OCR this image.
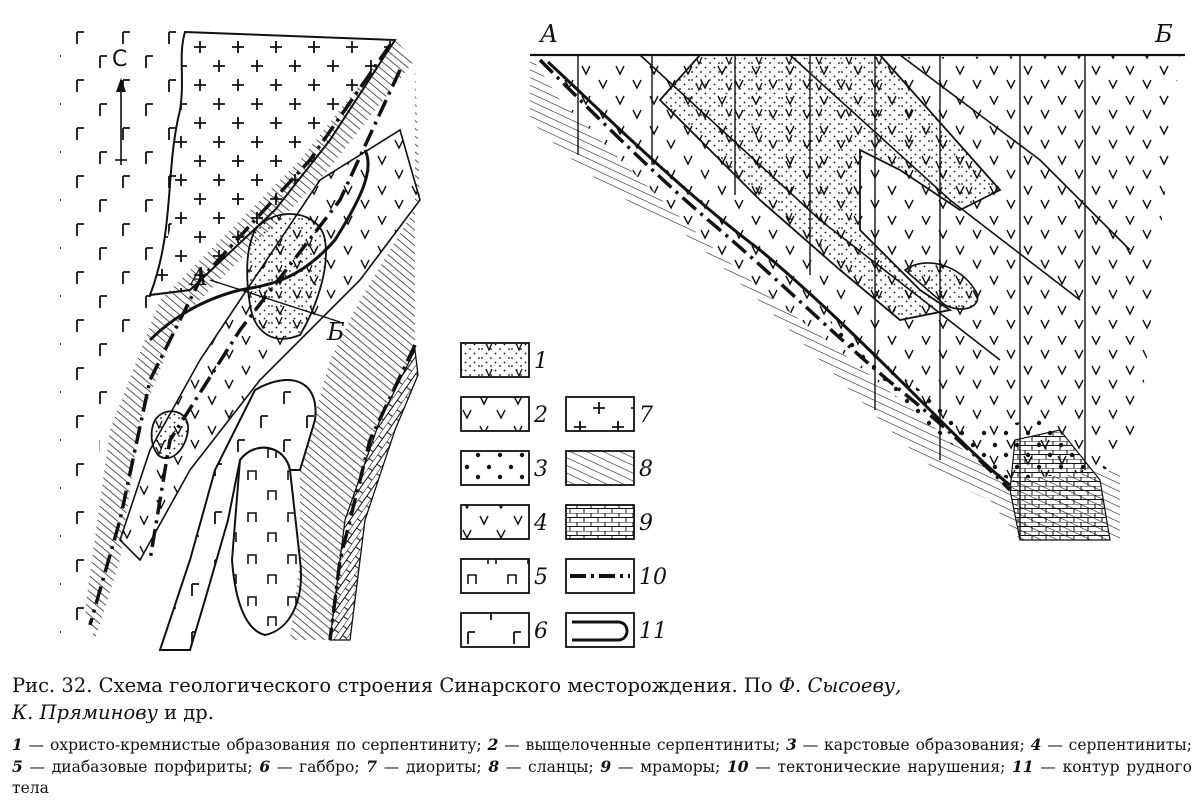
С
А
Б
А	Б
1
2
3
4
5
6
7
8
9
10
11
Рис. 32. Схема геологического строения Синарского месторождения. По Ф. Сысоеву,
К. Пряминову и др.
1 — охристо-кремнистые образования по серпентиниту; 2 — выщелоченные серпентиниты; 3 — карстовые образования; 4 — серпентиниты; 5 — диабазовые порфириты; 6 — габбро; 7 — диориты; 8 — сланцы; 9 — мраморы; 10 — тектонические нарушения; 11 — контур рудного тела
